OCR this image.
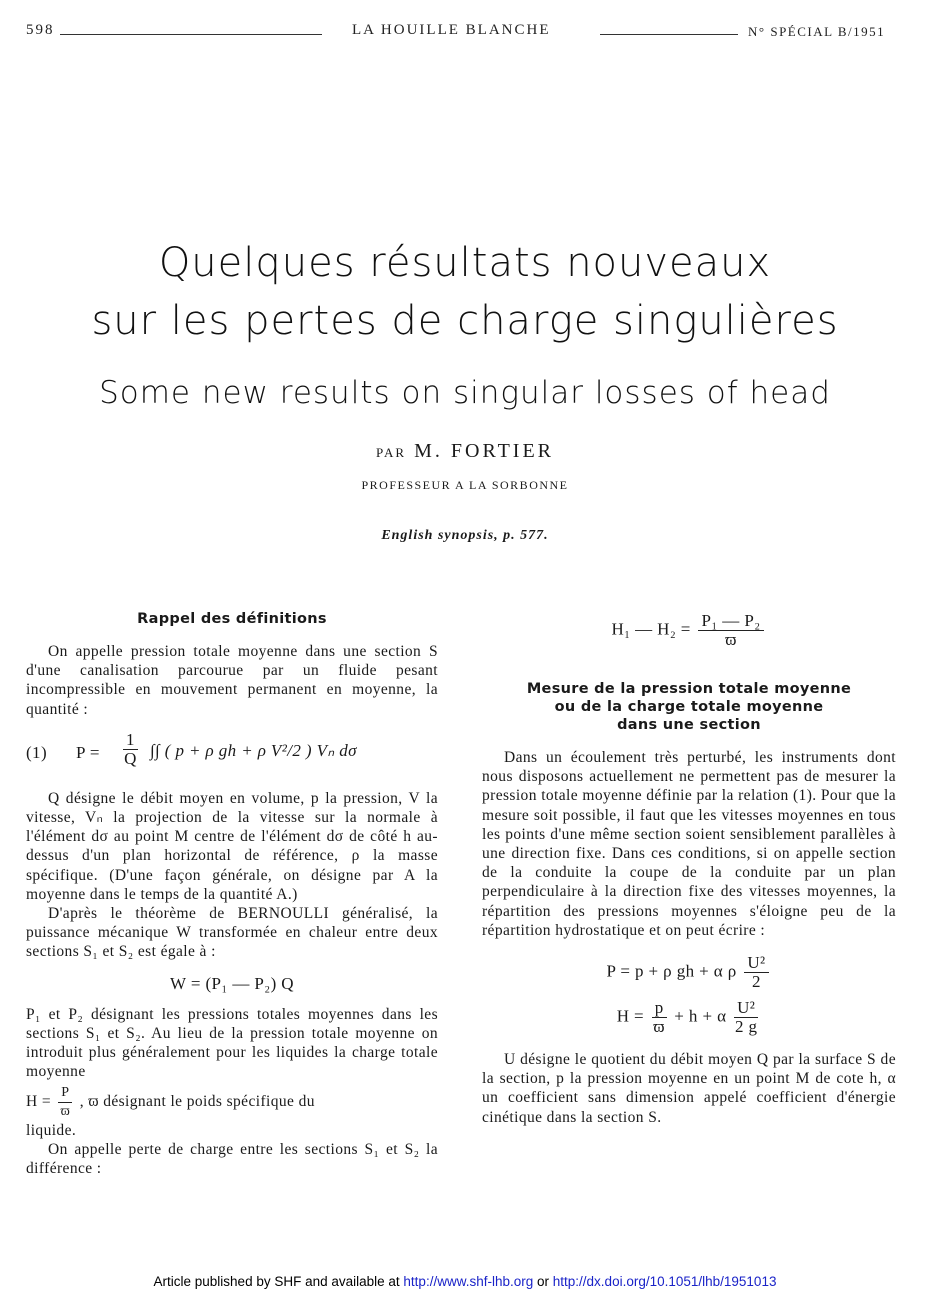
598	LA HOUILLE BLANCHE	N° SPÉCIAL B/1951
Quelques résultats nouveaux
sur les pertes de charge singulières
Some new results on singular losses of head
PAR M. FORTIER
PROFESSEUR A LA SORBONNE
English synopsis, p. 577.
Rappel des définitions

On appelle pression totale moyenne dans une section S d'une canalisation parcourue par un fluide pesant incompressible en mouvement permanent en moyenne, la quantité :

(1) $P = \frac{1}{Q}$ ∫∫ ( p + ρ gh + ρ V²/2 ) Vₙ dσ

Q désigne le débit moyen en volume, p la pression, V la vitesse, Vₙ la projection de la vitesse sur la normale à l'élément dσ au point M centre de l'élément dσ de côté h au-dessus d'un plan horizontal de référence, ρ la masse spécifique. (D'une façon générale, on désigne par A la moyenne dans le temps de la quantité A.)

D'après le théorème de BERNOULLI généralisé, la puissance mécanique W transformée en chaleur entre deux sections S₁ et S₂ est égale à :

W = (P₁ — P₂) Q

P₁ et P₂ désignant les pressions totales moyennes dans les sections S₁ et S₂. Au lieu de la pression totale moyenne on introduit plus généralement pour les liquides la charge totale moyenne

$H = \frac{P}{ϖ}$ , ϖ désignant le poids spécifique du

liquide.

On appelle perte de charge entre les sections S₁ et S₂ la différence :

H₁ — $H_2 = \frac{\text{P₁ — P₂}}{ϖ}$
Mesure de la pression totale moyenne
ou de la charge totale moyenne
dans une section

Dans un écoulement très perturbé, les instruments dont nous disposons actuellement ne permettent pas de mesurer la pression totale moyenne définie par la relation (1). Pour que la mesure soit possible, il faut que les vitesses moyennes en tous les points d'une même section soient sensiblement parallèles à une direction fixe. Dans ces conditions, si on appelle section de la conduite la coupe de la conduite par un plan perpendiculaire à la direction fixe des vitesses moyennes, la répartition des pressions moyennes s'éloigne peu de la répartition hydrostatique et on peut écrire :

P = p + ρ gh + α ρ $\frac{\text{U²}}{2}$
$H = \frac{p}{ϖ} + h + \alpha \frac{\text{U²}}{2 g}$

U désigne le quotient du débit moyen Q par la surface S de la section, p la pression moyenne en un point M de cote h, α un coefficient sans dimension appelé coefficient d'énergie cinétique dans la section S.

Article published by SHF and available at http://www.shf-lhb.org or http://dx.doi.org/10.1051/lhb/1951013
